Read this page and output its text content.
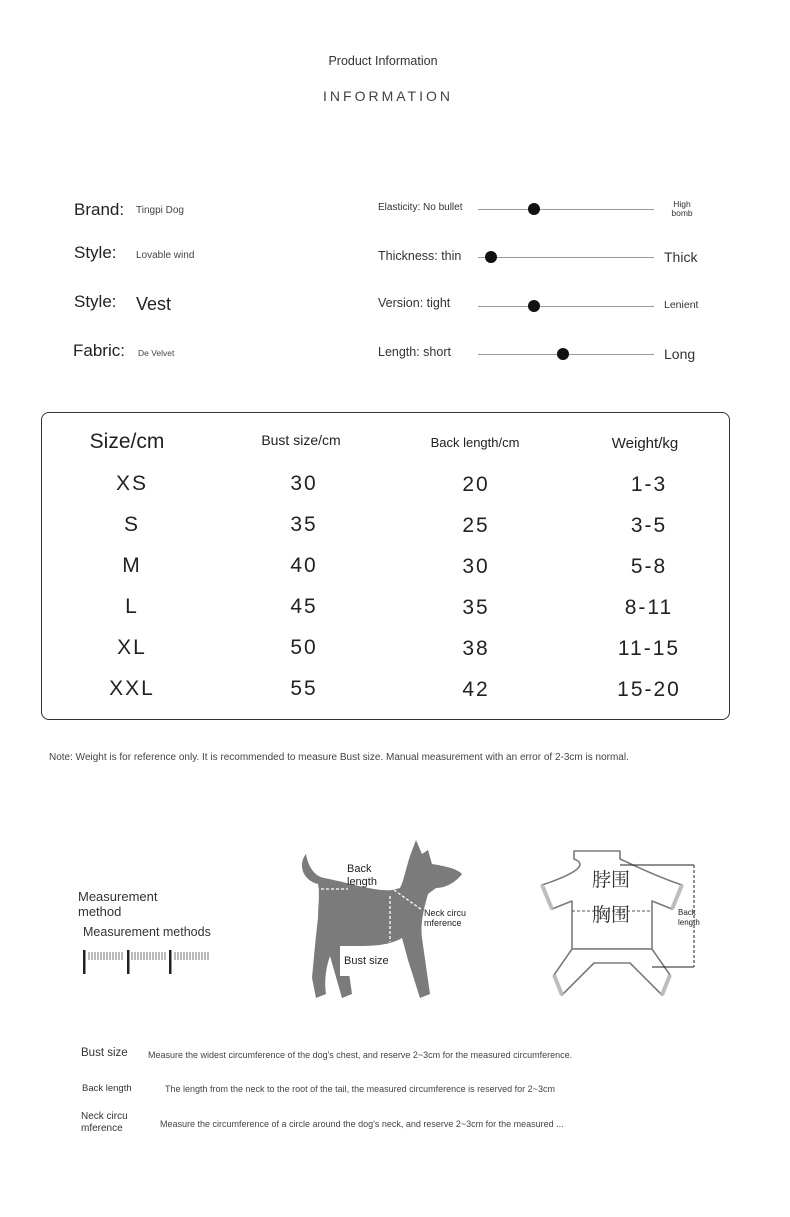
Product Information
INFORMATION
Brand: Tingpi Dog
Style: Lovable wind
Style: Vest
Fabric: De Velvet
Elasticity: No bullet	High bomb
Thickness: thin	Thick
Version: tight	Lenient
Length: short	Long
Size/cm	Bust size/cm	Back length/cm	Weight/kg
XS	30	20	1-3
S	35	25	3-5
M	40	30	5-8
L	45	35	8-11
XL	50	38	11-15
XXL	55	42	15-20
Note: Weight is for reference only. It is recommended to measure Bust size. Manual measurement with an error of 2-3cm is normal.
Measurement method
Measurement methods
Back length
Neck circu mference
Bust size
脖围
胸围	Back length
Bust size Measure the widest circumference of the dog's chest, and reserve 2~3cm for the measured circumference.
Back length	The length from the neck to the root of the tail, the measured circumference is reserved for 2~3cm
Neck circu mference	Measure the circumference of a circle around the dog's neck, and reserve 2~3cm for the measured ...
